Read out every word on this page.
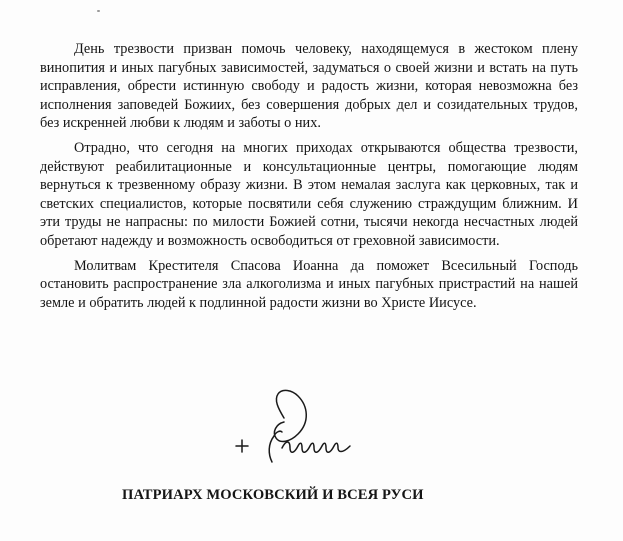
День трезвости призван помочь человеку, находящемуся в жестоком плену винопития и иных пагубных зависимостей, задуматься о своей жизни и встать на путь исправления, обрести истинную свободу и радость жизни, которая невозможна без исполнения заповедей Божиих, без совершения добрых дел и созидательных трудов, без искренней любви к людям и заботы о них.

Отрадно, что сегодня на многих приходах открываются общества трезвости, действуют реабилитационные и консультационные центры, помогающие людям вернуться к трезвенному образу жизни. В этом немалая заслуга как церковных, так и светских специалистов, которые посвятили себя служению страждущим ближним. И эти труды не напрасны: по милости Божией сотни, тысячи некогда несчастных людей обретают надежду и возможность освободиться от греховной зависимости.

Молитвам Крестителя Спасова Иоанна да поможет Всесильный Господь остановить распространение зла алкоголизма и иных пагубных пристрастий на нашей земле и обратить людей к подлинной радости жизни во Христе Иисусе.

ПАТРИАРХ МОСКОВСКИЙ И ВСЕЯ РУСИ
